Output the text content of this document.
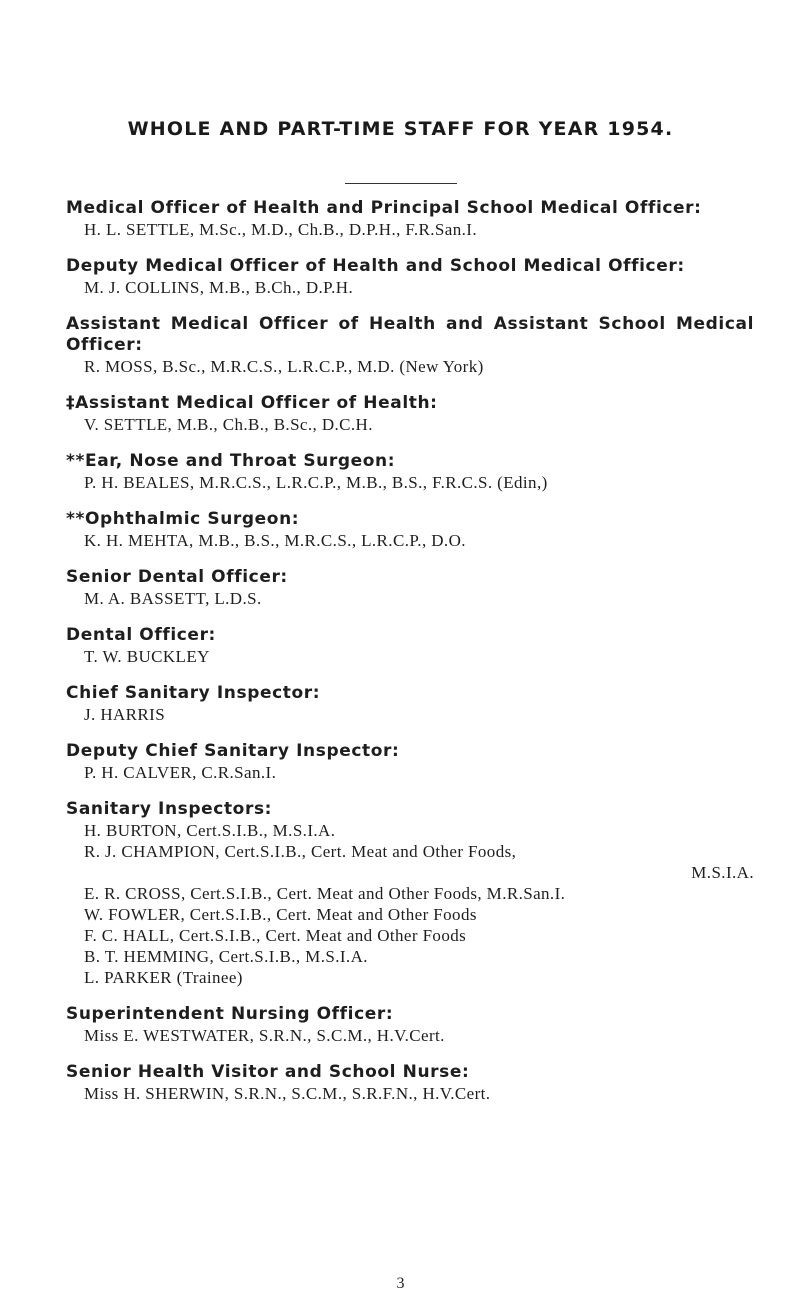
WHOLE AND PART-TIME STAFF FOR YEAR 1954.
Medical Officer of Health and Principal School Medical Officer:
H. L. SETTLE, M.Sc., M.D., Ch.B., D.P.H., F.R.San.I.
Deputy Medical Officer of Health and School Medical Officer:
M. J. COLLINS, M.B., B.Ch., D.P.H.
Assistant Medical Officer of Health and Assistant School Medical Officer:
R. MOSS, B.Sc., M.R.C.S., L.R.C.P., M.D. (New York)
‡Assistant Medical Officer of Health:
V. SETTLE, M.B., Ch.B., B.Sc., D.C.H.
**Ear, Nose and Throat Surgeon:
P. H. BEALES, M.R.C.S., L.R.C.P., M.B., B.S., F.R.C.S. (Edin,)
**Ophthalmic Surgeon:
K. H. MEHTA, M.B., B.S., M.R.C.S., L.R.C.P., D.O.
Senior Dental Officer:
M. A. BASSETT, L.D.S.
Dental Officer:
T. W. BUCKLEY
Chief Sanitary Inspector:
J. HARRIS
Deputy Chief Sanitary Inspector:
P. H. CALVER, C.R.San.I.
Sanitary Inspectors:
H. BURTON, Cert.S.I.B., M.S.I.A.
R. J. CHAMPION, Cert.S.I.B., Cert. Meat and Other Foods,
M.S.I.A.
E. R. CROSS, Cert.S.I.B., Cert. Meat and Other Foods, M.R.San.I.
W. FOWLER, Cert.S.I.B., Cert. Meat and Other Foods
F. C. HALL, Cert.S.I.B., Cert. Meat and Other Foods
B. T. HEMMING, Cert.S.I.B., M.S.I.A.
L. PARKER (Trainee)
Superintendent Nursing Officer:
Miss E. WESTWATER, S.R.N., S.C.M., H.V.Cert.
Senior Health Visitor and School Nurse:
Miss H. SHERWIN, S.R.N., S.C.M., S.R.F.N., H.V.Cert.
3
